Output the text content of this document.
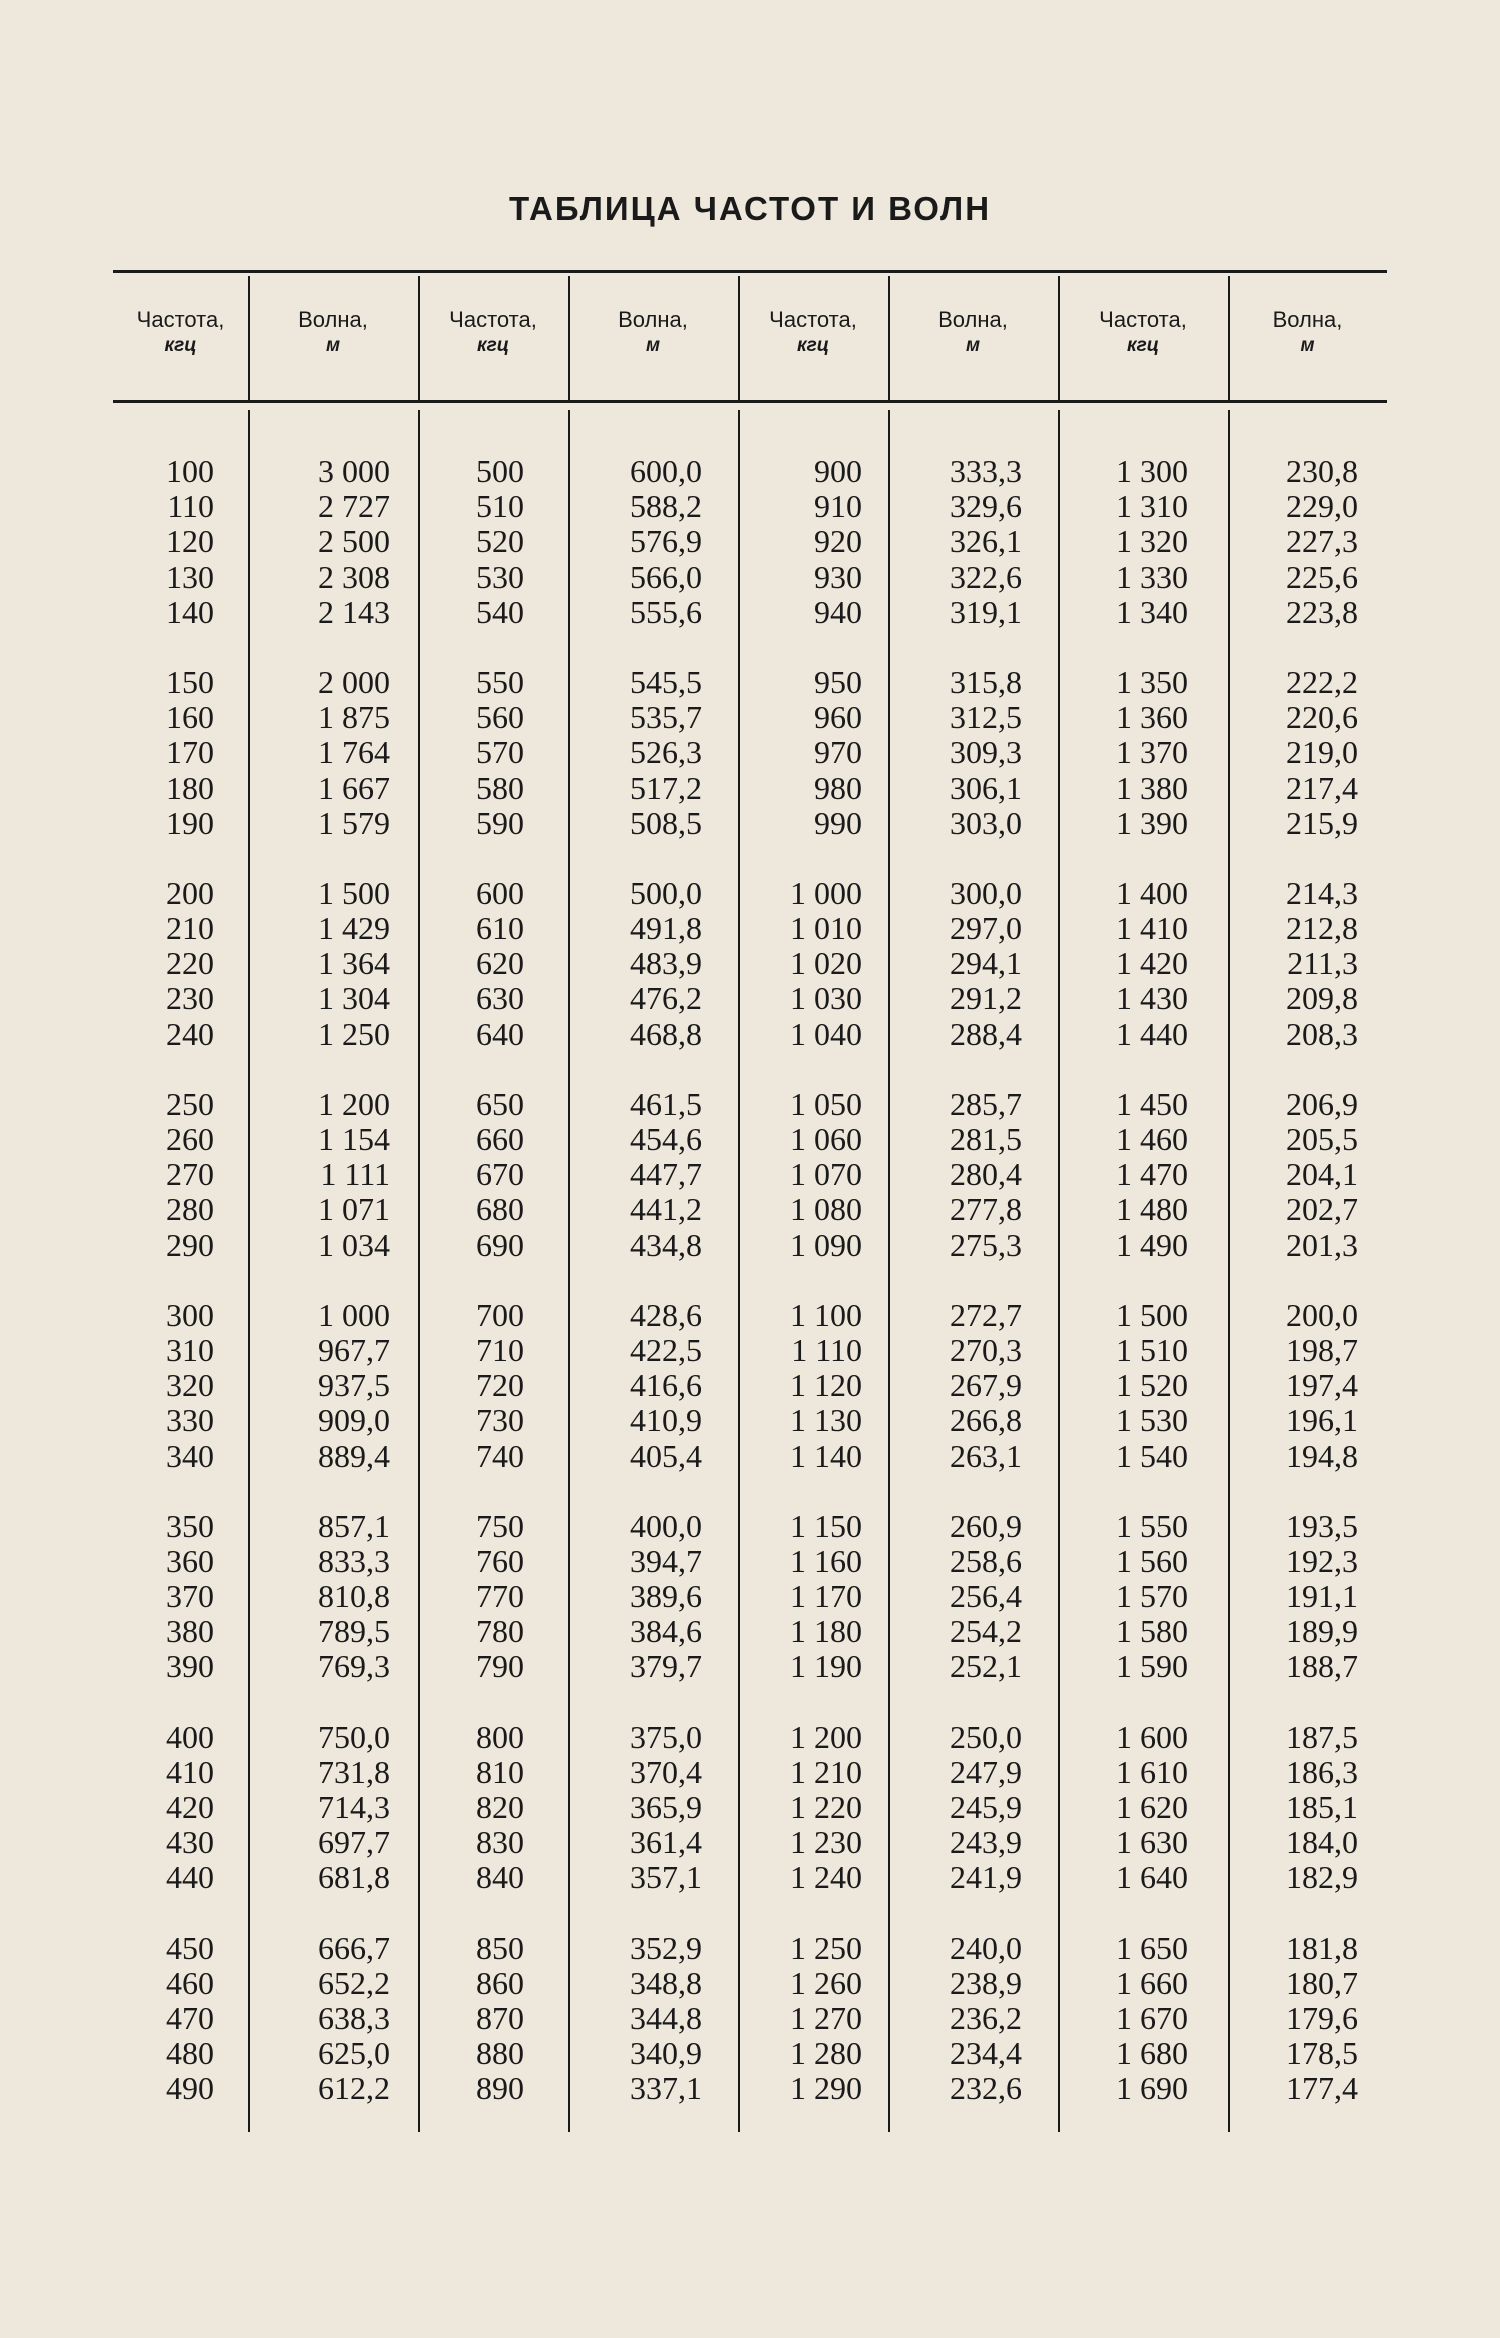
ТАБЛИЦА ЧАСТОТ И ВОЛН
Частота,
кгц
Волна,
м
Частота,
кгц
Волна,
м
Частота,
кгц
Волна,
м
Частота,
кгц
Волна,
м
100
110
120
130
140
150
160
170
180
190
200
210
220
230
240
250
260
270
280
290
300
310
320
330
340
350
360
370
380
390
400
410
420
430
440
450
460
470
480
490
3 000
2 727
2 500
2 308
2 143
2 000
1 875
1 764
1 667
1 579
1 500
1 429
1 364
1 304
1 250
1 200
1 154
1 111
1 071
1 034
1 000
967,7
937,5
909,0
889,4
857,1
833,3
810,8
789,5
769,3
750,0
731,8
714,3
697,7
681,8
666,7
652,2
638,3
625,0
612,2
500
510
520
530
540
550
560
570
580
590
600
610
620
630
640
650
660
670
680
690
700
710
720
730
740
750
760
770
780
790
800
810
820
830
840
850
860
870
880
890
600,0
588,2
576,9
566,0
555,6
545,5
535,7
526,3
517,2
508,5
500,0
491,8
483,9
476,2
468,8
461,5
454,6
447,7
441,2
434,8
428,6
422,5
416,6
410,9
405,4
400,0
394,7
389,6
384,6
379,7
375,0
370,4
365,9
361,4
357,1
352,9
348,8
344,8
340,9
337,1
900
910
920
930
940
950
960
970
980
990
1 000
1 010
1 020
1 030
1 040
1 050
1 060
1 070
1 080
1 090
1 100
1 110
1 120
1 130
1 140
1 150
1 160
1 170
1 180
1 190
1 200
1 210
1 220
1 230
1 240
1 250
1 260
1 270
1 280
1 290
333,3
329,6
326,1
322,6
319,1
315,8
312,5
309,3
306,1
303,0
300,0
297,0
294,1
291,2
288,4
285,7
281,5
280,4
277,8
275,3
272,7
270,3
267,9
266,8
263,1
260,9
258,6
256,4
254,2
252,1
250,0
247,9
245,9
243,9
241,9
240,0
238,9
236,2
234,4
232,6
1 300
1 310
1 320
1 330
1 340
1 350
1 360
1 370
1 380
1 390
1 400
1 410
1 420
1 430
1 440
1 450
1 460
1 470
1 480
1 490
1 500
1 510
1 520
1 530
1 540
1 550
1 560
1 570
1 580
1 590
1 600
1 610
1 620
1 630
1 640
1 650
1 660
1 670
1 680
1 690
230,8
229,0
227,3
225,6
223,8
222,2
220,6
219,0
217,4
215,9
214,3
212,8
211,3
209,8
208,3
206,9
205,5
204,1
202,7
201,3
200,0
198,7
197,4
196,1
194,8
193,5
192,3
191,1
189,9
188,7
187,5
186,3
185,1
184,0
182,9
181,8
180,7
179,6
178,5
177,4
